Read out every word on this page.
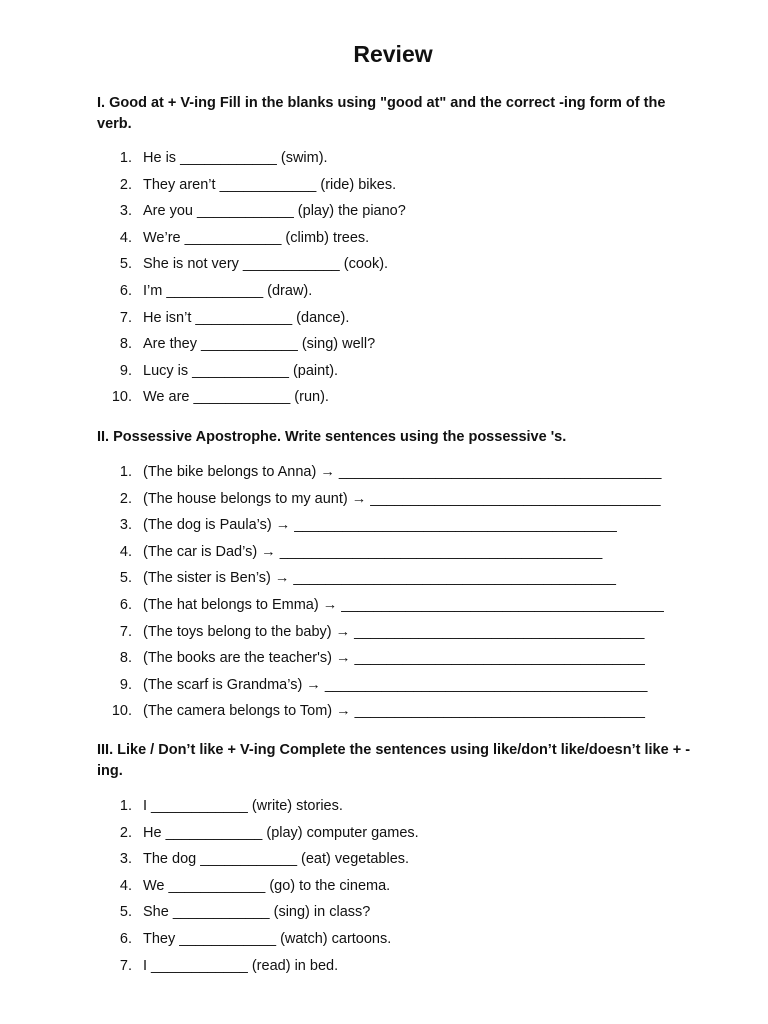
Review
I. Good at + V-ing Fill in the blanks using "good at" and the correct -ing form of the verb.
1. He is ____________ (swim).
2. They aren’t ____________ (ride) bikes.
3. Are you ____________ (play) the piano?
4. We’re ____________ (climb) trees.
5. She is not very ____________ (cook).
6. I’m ____________ (draw).
7. He isn’t ____________ (dance).
8. Are they ____________ (sing) well?
9. Lucy is ____________ (paint).
10. We are ____________ (run).
II. Possessive Apostrophe. Write sentences using the possessive 's.
1. (The bike belongs to Anna) → ________________________________________
2. (The house belongs to my aunt) → ____________________________________
3. (The dog is Paula’s) → ________________________________________
4. (The car is Dad’s) → ________________________________________
5. (The sister is Ben’s) → ________________________________________
6. (The hat belongs to Emma) → ________________________________________
7. (The toys belong to the baby) → ____________________________________
8. (The books are the teacher's) → ____________________________________
9. (The scarf is Grandma’s) → ________________________________________
10. (The camera belongs to Tom) → ____________________________________
III. Like / Don’t like + V-ing Complete the sentences using like/don’t like/doesn’t like + -ing.
1. I ____________ (write) stories.
2. He ____________ (play) computer games.
3. The dog ____________ (eat) vegetables.
4. We ____________ (go) to the cinema.
5. She ____________ (sing) in class?
6. They ____________ (watch) cartoons.
7. I ____________ (read) in bed.
